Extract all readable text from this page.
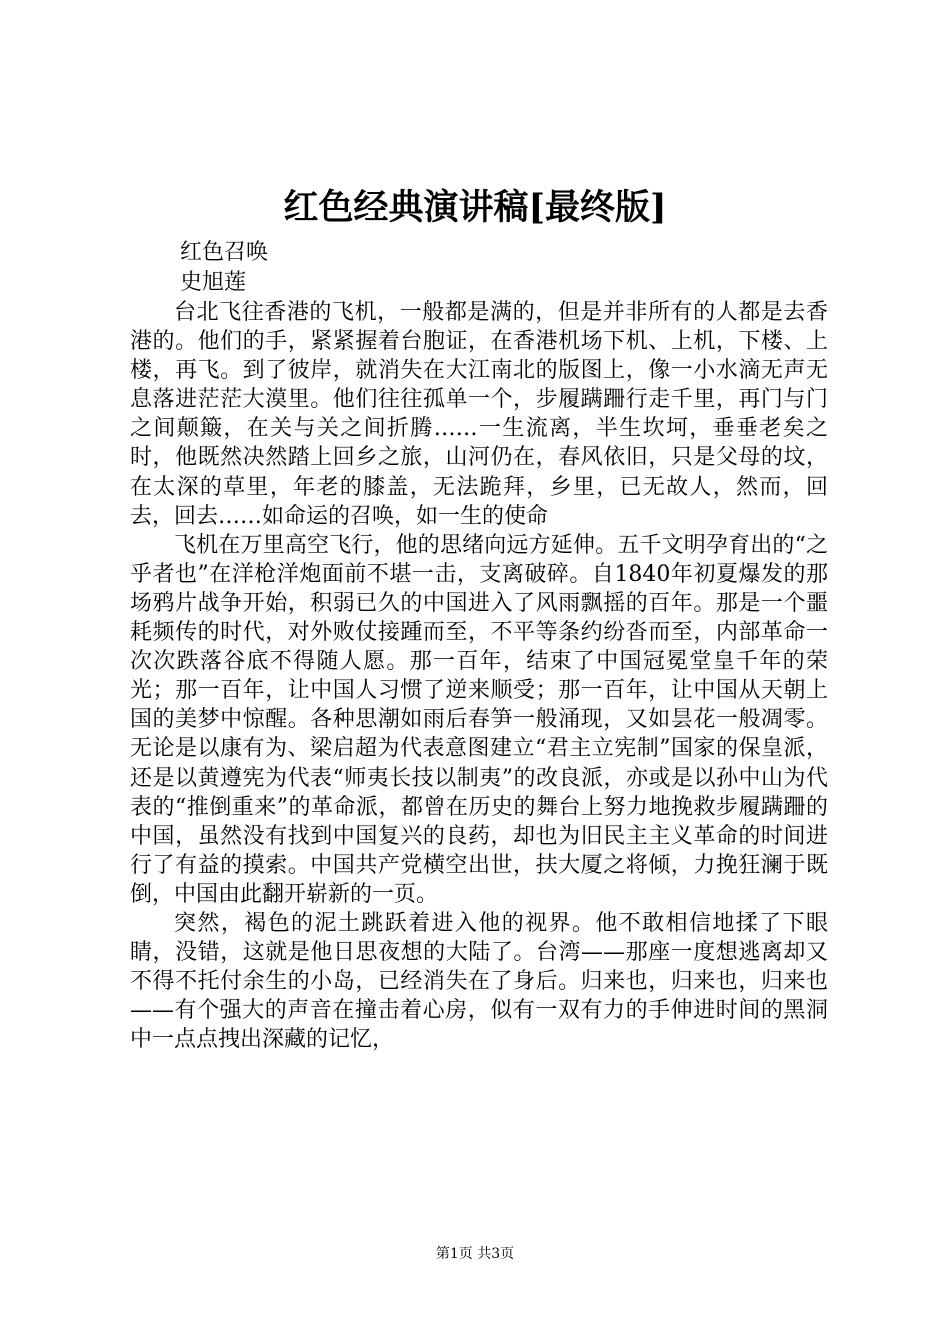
红色经典演讲稿[最终版]
红色召唤
史旭莲

台北飞往香港的飞机，一般都是满的，但是并非所有的人都是去香港的。他们的手，紧紧握着台胞证，在香港机场下机、上机，下楼、上楼，再飞。到了彼岸，就消失在大江南北的版图上，像一小水滴无声无息落进茫茫大漠里。他们往往孤单一个，步履蹒跚行走千里，再门与门之间颠簸，在关与关之间折腾……一生流离，半生坎坷，垂垂老矣之时，他既然决然踏上回乡之旅，山河仍在，春风依旧，只是父母的坟，在太深的草里，年老的膝盖，无法跪拜，乡里，已无故人，然而，回去，回去……如命运的召唤，如一生的使命

飞机在万里高空飞行，他的思绪向远方延伸。五千文明孕育出的“之乎者也”在洋枪洋炮面前不堪一击，支离破碎。自1840年初夏爆发的那场鸦片战争开始，积弱已久的中国进入了风雨飘摇的百年。那是一个噩耗频传的时代，对外败仗接踵而至，不平等条约纷沓而至，内部革命一次次跌落谷底不得随人愿。那一百年，结束了中国冠冕堂皇千年的荣光；那一百年，让中国人习惯了逆来顺受；那一百年，让中国从天朝上国的美梦中惊醒。各种思潮如雨后春笋一般涌现，又如昙花一般凋零。无论是以康有为、梁启超为代表意图建立“君主立宪制”国家的保皇派，还是以黄遵宪为代表“师夷长技以制夷”的改良派，亦或是以孙中山为代表的“推倒重来”的革命派，都曾在历史的舞台上努力地挽救步履蹒跚的中国，虽然没有找到中国复兴的良药，却也为旧民主主义革命的时间进行了有益的摸索。中国共产党横空出世，扶大厦之将倾，力挽狂澜于既倒，中国由此翻开崭新的一页。

突然，褐色的泥土跳跃着进入他的视界。他不敢相信地揉了下眼睛，没错，这就是他日思夜想的大陆了。台湾——那座一度想逃离却又不得不托付余生的小岛，已经消失在了身后。归来也，归来也，归来也——有个强大的声音在撞击着心房，似有一双有力的手伸进时间的黑洞中一点点拽出深藏的记忆，

第1页 共3页
